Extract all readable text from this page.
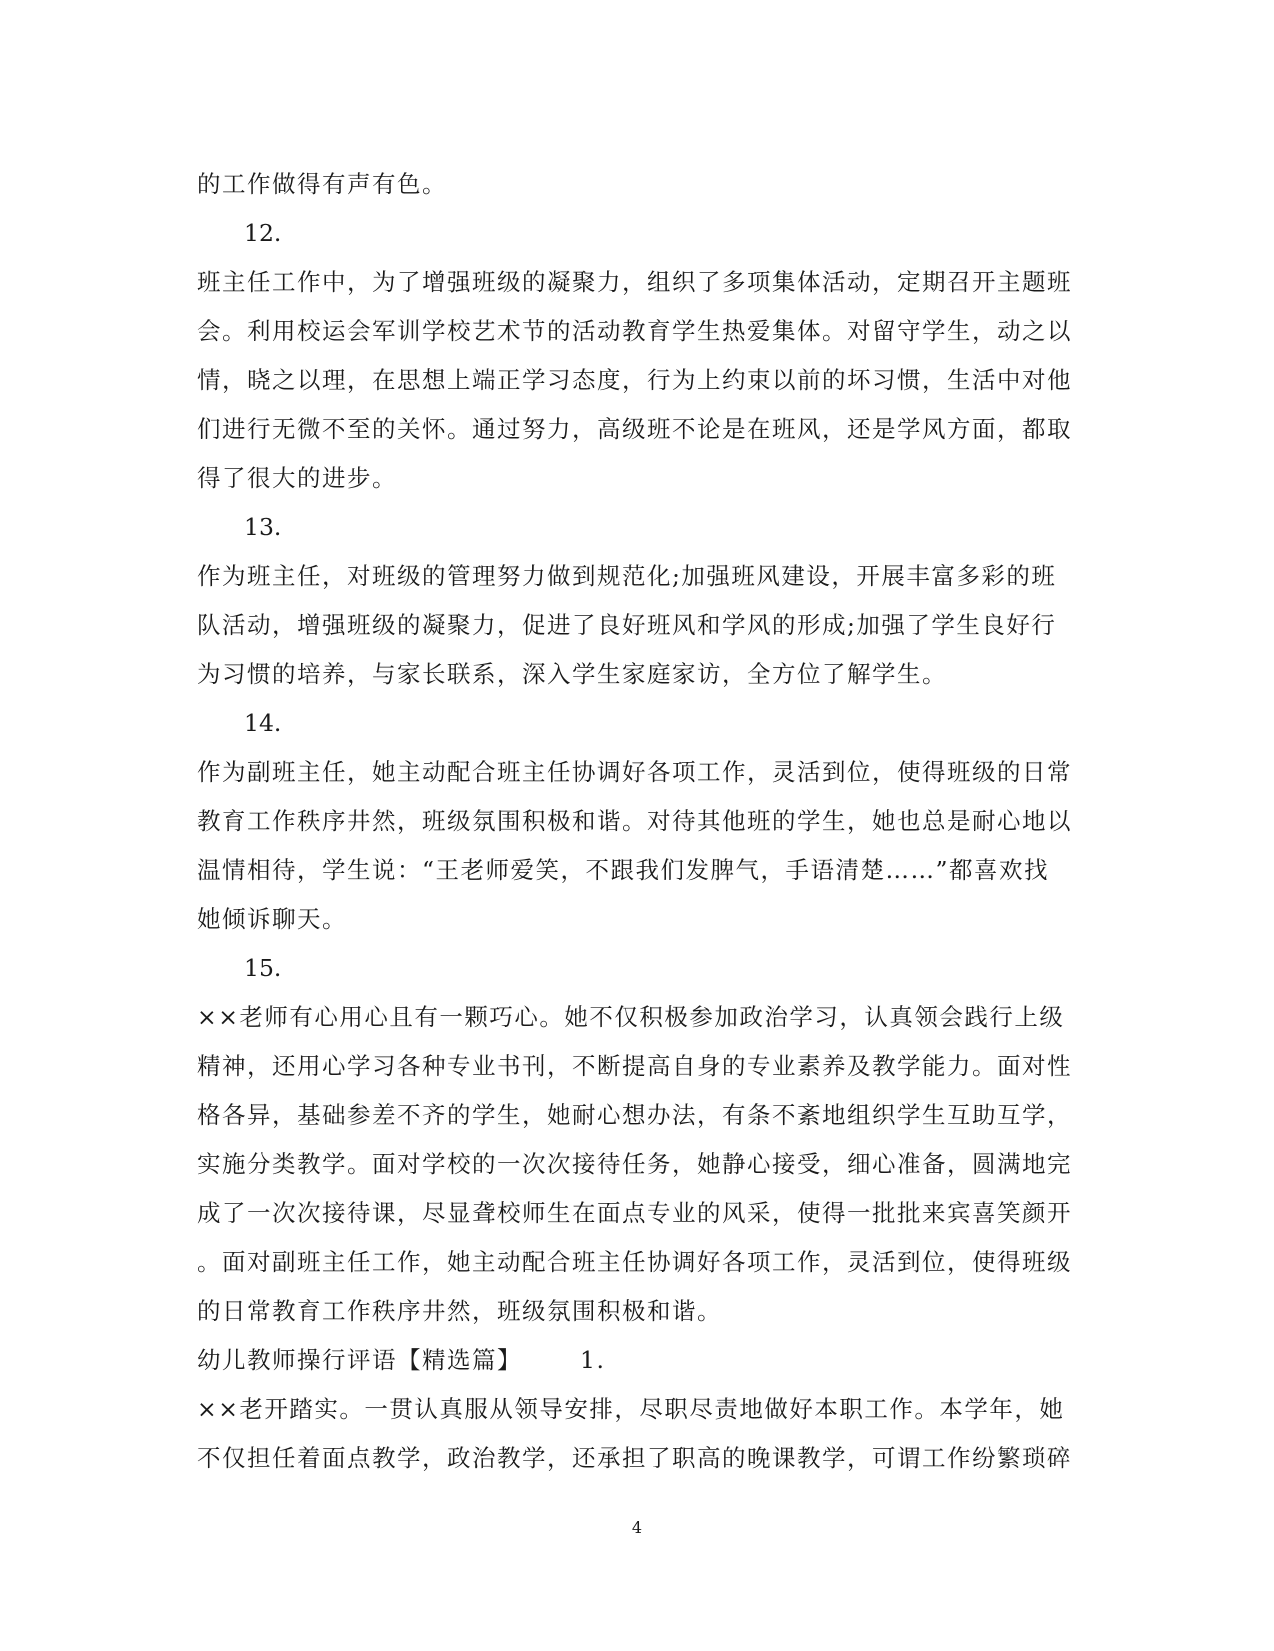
的工作做得有声有色。
12.
班主任工作中，为了增强班级的凝聚力，组织了多项集体活动，定期召开主题班
会。利用校运会军训学校艺术节的活动教育学生热爱集体。对留守学生，动之以
情，晓之以理，在思想上端正学习态度，行为上约束以前的坏习惯，生活中对他
们进行无微不至的关怀。通过努力，高级班不论是在班风，还是学风方面，都取
得了很大的进步。
13.
作为班主任，对班级的管理努力做到规范化;加强班风建设，开展丰富多彩的班
队活动，增强班级的凝聚力，促进了良好班风和学风的形成;加强了学生良好行
为习惯的培养，与家长联系，深入学生家庭家访，全方位了解学生。
14.
作为副班主任，她主动配合班主任协调好各项工作，灵活到位，使得班级的日常
教育工作秩序井然，班级氛围积极和谐。对待其他班的学生，她也总是耐心地以
温情相待，学生说：“王老师爱笑，不跟我们发脾气，手语清楚……”都喜欢找
她倾诉聊天。
15.
××老师有心用心且有一颗巧心。她不仅积极参加政治学习，认真领会践行上级
精神，还用心学习各种专业书刊，不断提高自身的专业素养及教学能力。面对性
格各异，基础参差不齐的学生，她耐心想办法，有条不紊地组织学生互助互学，
实施分类教学。面对学校的一次次接待任务，她静心接受，细心准备，圆满地完
成了一次次接待课，尽显聋校师生在面点专业的风采，使得一批批来宾喜笑颜开
。面对副班主任工作，她主动配合班主任协调好各项工作，灵活到位，使得班级
的日常教育工作秩序井然，班级氛围积极和谐。
幼儿教师操行评语【精选篇】 1.
××老开踏实。一贯认真服从领导安排，尽职尽责地做好本职工作。本学年，她
不仅担任着面点教学，政治教学，还承担了职高的晚课教学，可谓工作纷繁琐碎
4
